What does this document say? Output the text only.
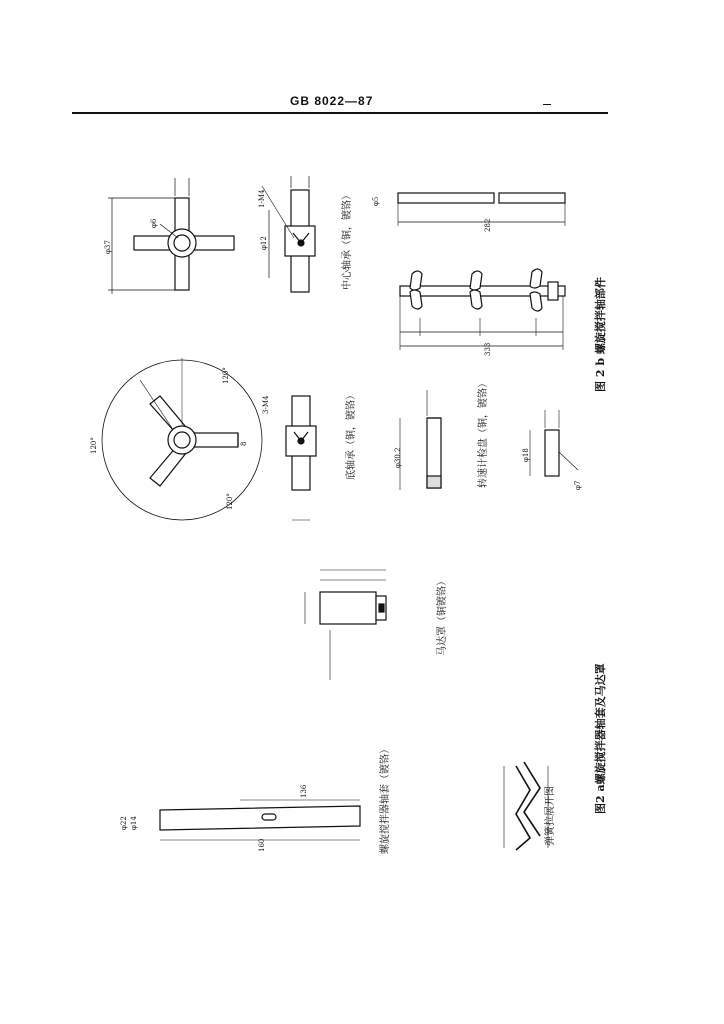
GB 8022—87
中心轴承（铜，镀铬）
底轴承（铜，镀铬）	转速计检盘（铜，镀铬）
图 2 b 螺旋搅拌轴部件
马达罩（铜镀铬）
螺旋搅拌器轴套（镀铬）	弹簧拉展开图
图2 a螺旋搅拌器轴套及马达罩
φ37
φ6
φ12
1-M4
3-M4
8
120°
120°
120°
φ5
282
333
φ30.2	φ18
φ7
160
136
φ22 φ14
